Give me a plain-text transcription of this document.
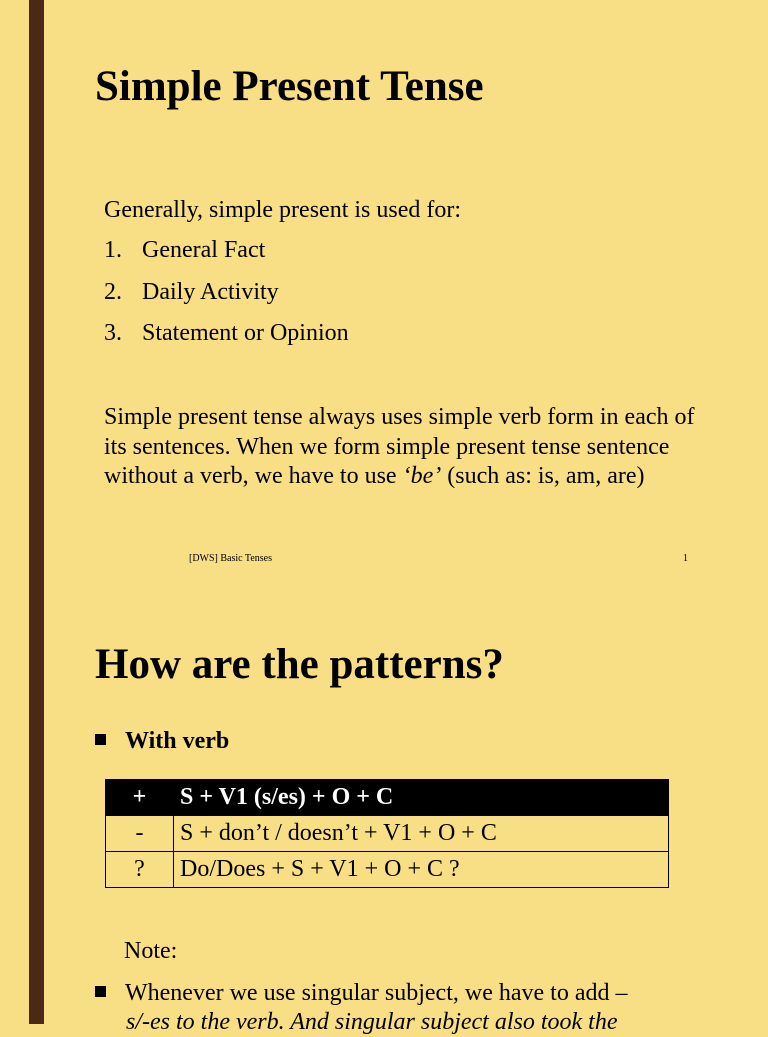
Simple Present Tense

Generally, simple present is used for:

1. General Fact
2. Daily Activity
3. Statement or Opinion

Simple present tense always uses simple verb form in each of its sentences. When we form simple present tense sentence without a verb, we have to use ‘be’ (such as: is, am, are)

[DWS] Basic Tenses	1
How are the patterns?
With verb
+	S + V1 (s/es) + O + C
-	S + don’t / doesn’t + V1 + O + C
?	Do/Does + S + V1 + O + C ?

Note:

Whenever we use singular subject, we have to add –
s/-es to the verb. And singular subject also took the
